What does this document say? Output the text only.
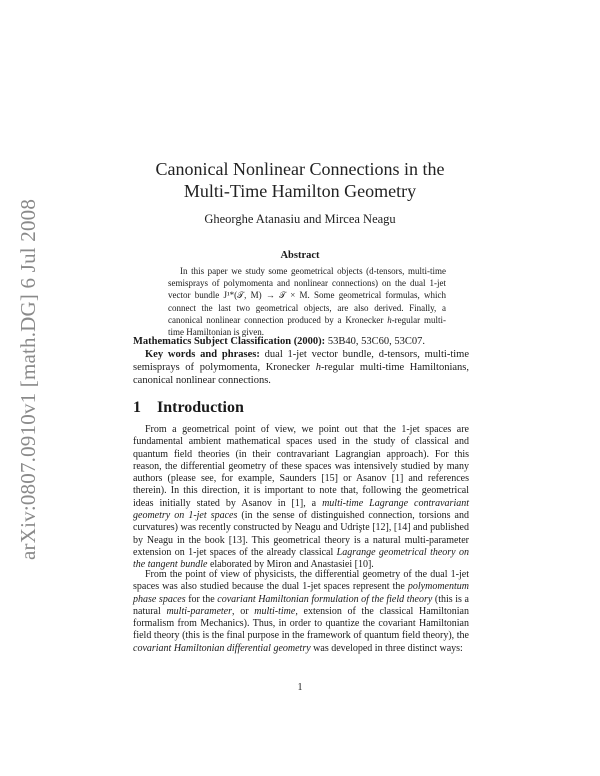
arXiv:0807.0910v1 [math.DG] 6 Jul 2008
Canonical Nonlinear Connections in the
Multi-Time Hamilton Geometry
Gheorghe Atanasiu and Mircea Neagu
Abstract
In this paper we study some geometrical objects (d-tensors, multi-time semisprays of polymomenta and nonlinear connections) on the dual 1-jet vector bundle J¹*(𝒯, M) → 𝒯 × M. Some geometrical formulas, which connect the last two geometrical objects, are also derived. Finally, a canonical nonlinear connection produced by a Kronecker h-regular multi-time Hamiltonian is given.
Mathematics Subject Classification (2000): 53B40, 53C60, 53C07.
Key words and phrases: dual 1-jet vector bundle, d-tensors, multi-time semisprays of polymomenta, Kronecker h-regular multi-time Hamiltonians, canonical nonlinear connections.
1 Introduction
From a geometrical point of view, we point out that the 1-jet spaces are fundamental ambient mathematical spaces used in the study of classical and quantum field theories (in their contravariant Lagrangian approach). For this reason, the differential geometry of these spaces was intensively studied by many authors (please see, for example, Saunders [15] or Asanov [1] and references therein). In this direction, it is important to note that, following the geometrical ideas initially stated by Asanov in [1], a multi-time Lagrange contravariant geometry on 1-jet spaces (in the sense of distinguished connection, torsions and curvatures) was recently constructed by Neagu and Udrişte [12], [14] and published by Neagu in the book [13]. This geometrical theory is a natural multi-parameter extension on 1-jet spaces of the already classical Lagrange geometrical theory on the tangent bundle elaborated by Miron and Anastasiei [10].
From the point of view of physicists, the differential geometry of the dual 1-jet spaces was also studied because the dual 1-jet spaces represent the polymomentum phase spaces for the covariant Hamiltonian formulation of the field theory (this is a natural multi-parameter, or multi-time, extension of the classical Hamiltonian formalism from Mechanics). Thus, in order to quantize the covariant Hamiltonian field theory (this is the final purpose in the framework of quantum field theory), the covariant Hamiltonian differential geometry was developed in three distinct ways:
1
